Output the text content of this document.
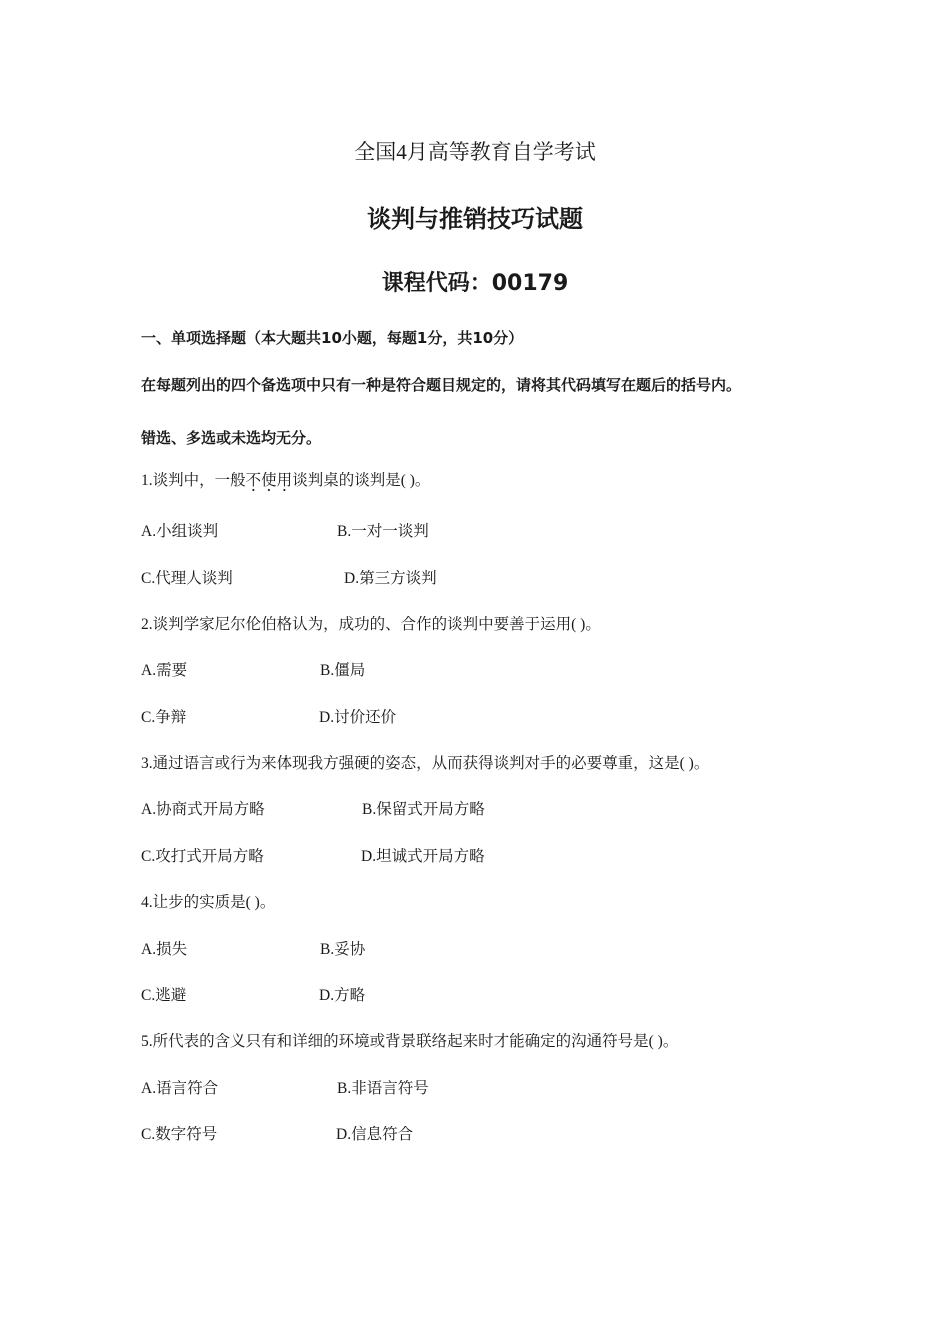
全国4月高等教育自学考试
谈判与推销技巧试题
课程代码：00179
一、单项选择题（本大题共10小题，每题1分，共10分）
在每题列出的四个备选项中只有一种是符合题目规定的，请将其代码填写在题后的括号内。
错选、多选或未选均无分。
1.谈判中，一般不使用谈判桌的谈判是( )。
A.小组谈判	B.一对一谈判
C.代理人谈判	D.第三方谈判
2.谈判学家尼尔伦伯格认为，成功的、合作的谈判中要善于运用( )。
A.需要	B.僵局
C.争辩	D.讨价还价
3.通过语言或行为来体现我方强硬的姿态，从而获得谈判对手的必要尊重，这是( )。
A.协商式开局方略	B.保留式开局方略
C.攻打式开局方略	D.坦诚式开局方略
4.让步的实质是( )。
A.损失	B.妥协
C.逃避	D.方略
5.所代表的含义只有和详细的环境或背景联络起来时才能确定的沟通符号是( )。
A.语言符合	B.非语言符号
C.数字符号	D.信息符合
